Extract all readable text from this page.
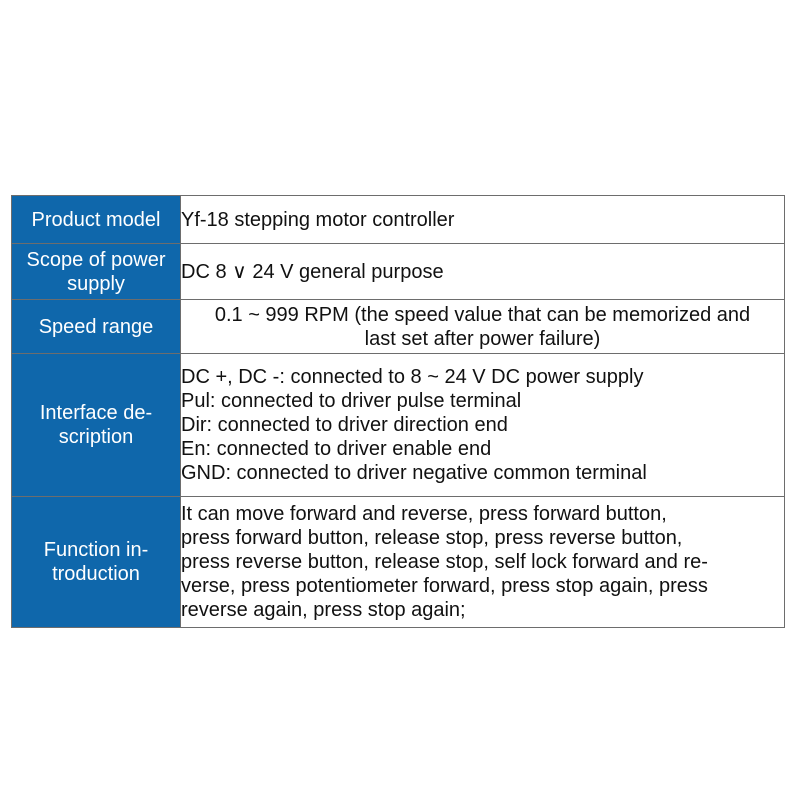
Product model	Yf-18 stepping motor controller

Scope of power
supply	DC 8 ∨ 24 V general purpose

Speed range	0.1 ~ 999 RPM (the speed value that can be memorized and
last set after power failure)

Interface de-
scription	DC +, DC -: connected to 8 ~ 24 V DC power supply
Pul: connected to driver pulse terminal
Dir: connected to driver direction end
En: connected to driver enable end
GND: connected to driver negative common terminal

Function in-
troduction	It can move forward and reverse, press forward button,
press forward button, release stop, press reverse button,
press reverse button, release stop, self lock forward and re-
verse, press potentiometer forward, press stop again, press
reverse again, press stop again;
